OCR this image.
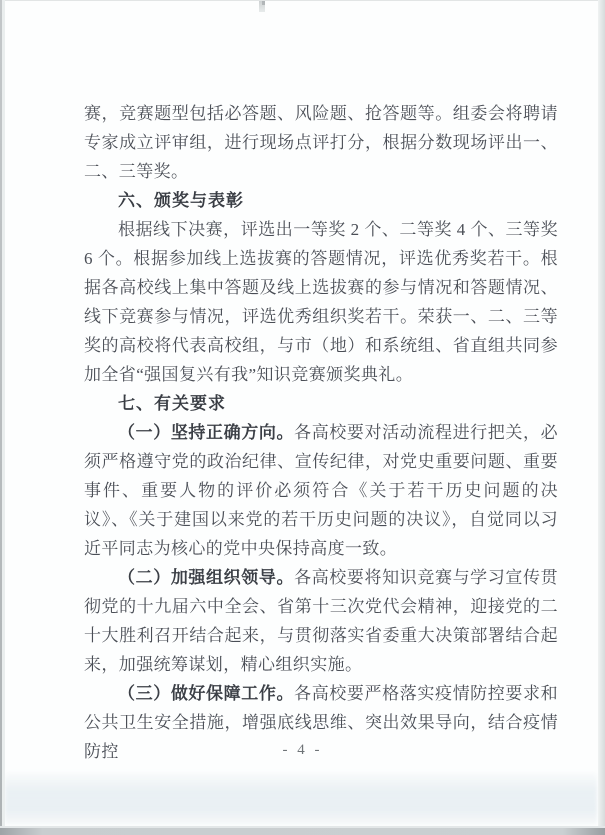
赛，竞赛题型包括必答题、风险题、抢答题等。组委会将聘请专家成立评审组，进行现场点评打分，根据分数现场评出一、二、三等奖。

六、颁奖与表彰

根据线下决赛，评选出一等奖 2 个、二等奖 4 个、三等奖 6 个。根据参加线上选拔赛的答题情况，评选优秀奖若干。根据各高校线上集中答题及线上选拔赛的参与情况和答题情况、线下竞赛参与情况，评选优秀组织奖若干。荣获一、二、三等奖的高校将代表高校组，与市（地）和系统组、省直组共同参加全省“强国复兴有我”知识竞赛颁奖典礼。

七、有关要求

（一）坚持正确方向。各高校要对活动流程进行把关，必须严格遵守党的政治纪律、宣传纪律，对党史重要问题、重要事件、重要人物的评价必须符合《关于若干历史问题的决议》、《关于建国以来党的若干历史问题的决议》，自觉同以习近平同志为核心的党中央保持高度一致。

（二）加强组织领导。各高校要将知识竞赛与学习宣传贯彻党的十九届六中全会、省第十三次党代会精神，迎接党的二十大胜利召开结合起来，与贯彻落实省委重大决策部署结合起来，加强统筹谋划，精心组织实施。

（三）做好保障工作。各高校要严格落实疫情防控要求和公共卫生安全措施，增强底线思维、突出效果导向，结合疫情防控	- 4 -
